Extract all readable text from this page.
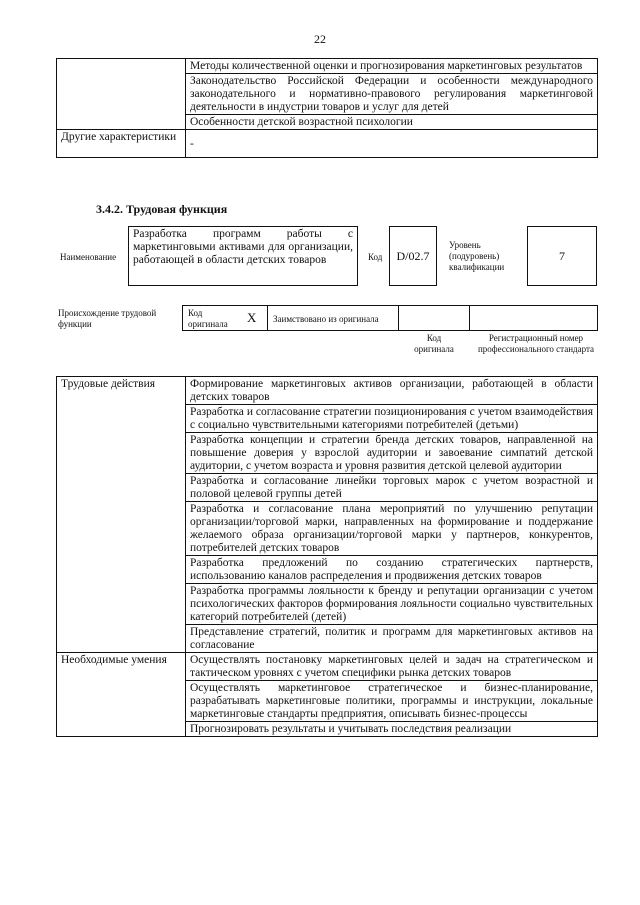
22
	Методы количественной оценки и прогнозирования маркетинговых результатов
	Законодательство Российской Федерации и особенности международного законодательного и нормативно-правового регулирования маркетинговой деятельности в индустрии товаров и услуг для детей
	Особенности детской возрастной психологии
Другие характеристики	-
3.4.2. Трудовая функция
Наименование
Разработка программ работы с маркетинговыми активами для организации, работающей в области детских товаров	Код	D/02.7
Уровень (подуровень) квалификации
7
Происхождение трудовой функции
Код оригинала	X Заимствовано из оригинала
Код оригинала
Регистрационный номер профессионального стандарта
Трудовые действия	Формирование маркетинговых активов организации, работающей в области детских товаров
	Разработка и согласование стратегии позиционирования с учетом взаимодействия с социально чувствительными категориями потребителей (детьми)
	Разработка концепции и стратегии бренда детских товаров, направленной на повышение доверия у взрослой аудитории и завоевание симпатий детской аудитории, с учетом возраста и уровня развития детской целевой аудитории
	Разработка и согласование линейки торговых марок с учетом возрастной и половой целевой группы детей
	Разработка и согласование плана мероприятий по улучшению репутации организации/торговой марки, направленных на формирование и поддержание желаемого образа организации/торговой марки у партнеров, конкурентов, потребителей детских товаров
	Разработка предложений по созданию стратегических партнерств, использованию каналов распределения и продвижения детских товаров
	Разработка программы лояльности к бренду и репутации организации с учетом психологических факторов формирования лояльности социально чувствительных категорий потребителей (детей)
	Представление стратегий, политик и программ для маркетинговых активов на согласование
Необходимые умения	Осуществлять постановку маркетинговых целей и задач на стратегическом и тактическом уровнях с учетом специфики рынка детских товаров
	Осуществлять маркетинговое стратегическое и бизнес-планирование, разрабатывать маркетинговые политики, программы и инструкции, локальные маркетинговые стандарты предприятия, описывать бизнес-процессы
	Прогнозировать результаты и учитывать последствия реализации
